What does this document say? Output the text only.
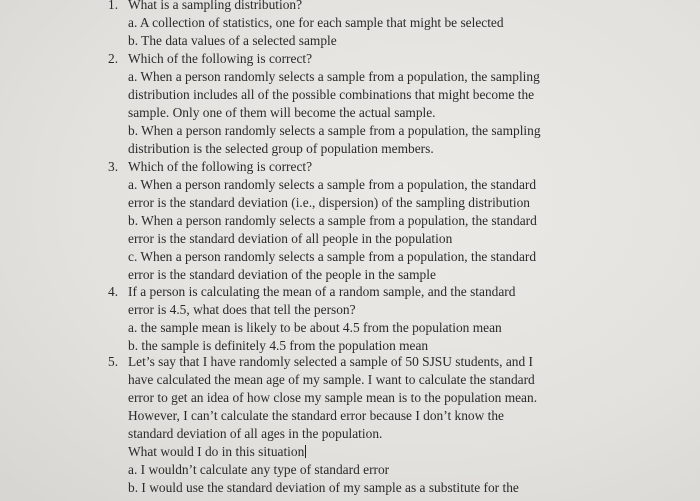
1. What is a sampling distribution?
a. A collection of statistics, one for each sample that might be selected
b. The data values of a selected sample
2. Which of the following is correct?
a. When a person randomly selects a sample from a population, the sampling
distribution includes all of the possible combinations that might become the
sample. Only one of them will become the actual sample.
b. When a person randomly selects a sample from a population, the sampling
distribution is the selected group of population members.
3. Which of the following is correct?
a. When a person randomly selects a sample from a population, the standard
error is the standard deviation (i.e., dispersion) of the sampling distribution
b. When a person randomly selects a sample from a population, the standard
error is the standard deviation of all people in the population
c. When a person randomly selects a sample from a population, the standard
error is the standard deviation of the people in the sample
4. If a person is calculating the mean of a random sample, and the standard
error is 4.5, what does that tell the person?
a. the sample mean is likely to be about 4.5 from the population mean
b. the sample is definitely 4.5 from the population mean
5. Let’s say that I have randomly selected a sample of 50 SJSU students, and I
have calculated the mean age of my sample. I want to calculate the standard
error to get an idea of how close my sample mean is to the population mean.
However, I can’t calculate the standard error because I don’t know the
standard deviation of all ages in the population.
What would I do in this situation
a. I wouldn’t calculate any type of standard error
b. I would use the standard deviation of my sample as a substitute for the
